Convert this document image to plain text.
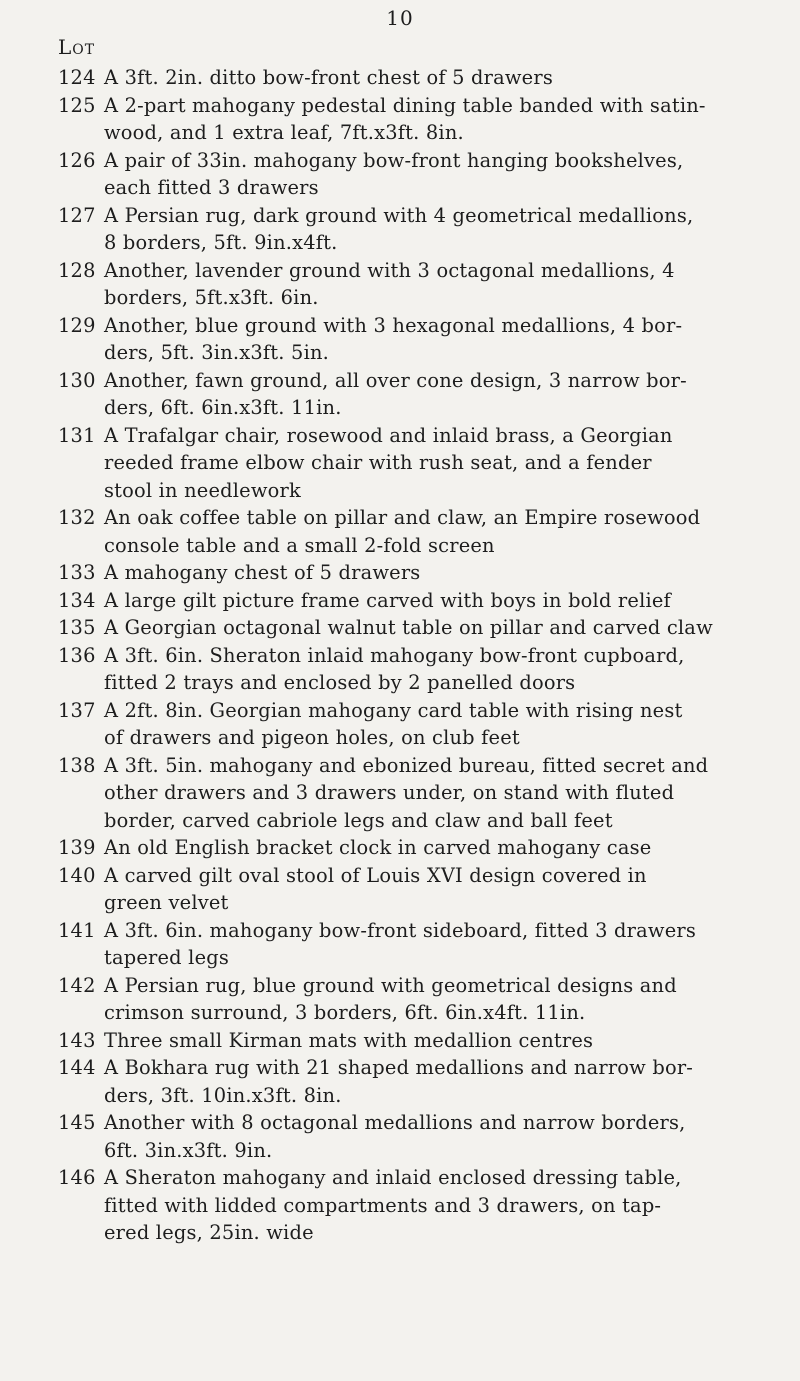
10
Lot
124 A 3ft. 2in. ditto bow-front chest of 5 drawers
125 A 2-part mahogany pedestal dining table banded with satin-
wood, and 1 extra leaf, 7ft.x3ft. 8in.
126 A pair of 33in. mahogany bow-front hanging bookshelves,
each fitted 3 drawers
127 A Persian rug, dark ground with 4 geometrical medallions,
8 borders, 5ft. 9in.x4ft.
128 Another, lavender ground with 3 octagonal medallions, 4
borders, 5ft.x3ft. 6in.
129 Another, blue ground with 3 hexagonal medallions, 4 bor-
ders, 5ft. 3in.x3ft. 5in.
130 Another, fawn ground, all over cone design, 3 narrow bor-
ders, 6ft. 6in.x3ft. 11in.
131 A Trafalgar chair, rosewood and inlaid brass, a Georgian
reeded frame elbow chair with rush seat, and a fender
stool in needlework
132 An oak coffee table on pillar and claw, an Empire rosewood
console table and a small 2-fold screen
133 A mahogany chest of 5 drawers
134 A large gilt picture frame carved with boys in bold relief
135 A Georgian octagonal walnut table on pillar and carved claw
136 A 3ft. 6in. Sheraton inlaid mahogany bow-front cupboard,
fitted 2 trays and enclosed by 2 panelled doors
137 A 2ft. 8in. Georgian mahogany card table with rising nest
of drawers and pigeon holes, on club feet
138 A 3ft. 5in. mahogany and ebonized bureau, fitted secret and
other drawers and 3 drawers under, on stand with fluted
border, carved cabriole legs and claw and ball feet
139 An old English bracket clock in carved mahogany case
140 A carved gilt oval stool of Louis XVI design covered in
green velvet
141 A 3ft. 6in. mahogany bow-front sideboard, fitted 3 drawers
tapered legs
142 A Persian rug, blue ground with geometrical designs and
crimson surround, 3 borders, 6ft. 6in.x4ft. 11in.
143 Three small Kirman mats with medallion centres
144 A Bokhara rug with 21 shaped medallions and narrow bor-
ders, 3ft. 10in.x3ft. 8in.
145 Another with 8 octagonal medallions and narrow borders,
6ft. 3in.x3ft. 9in.
146 A Sheraton mahogany and inlaid enclosed dressing table,
fitted with lidded compartments and 3 drawers, on tap-
ered legs, 25in. wide
